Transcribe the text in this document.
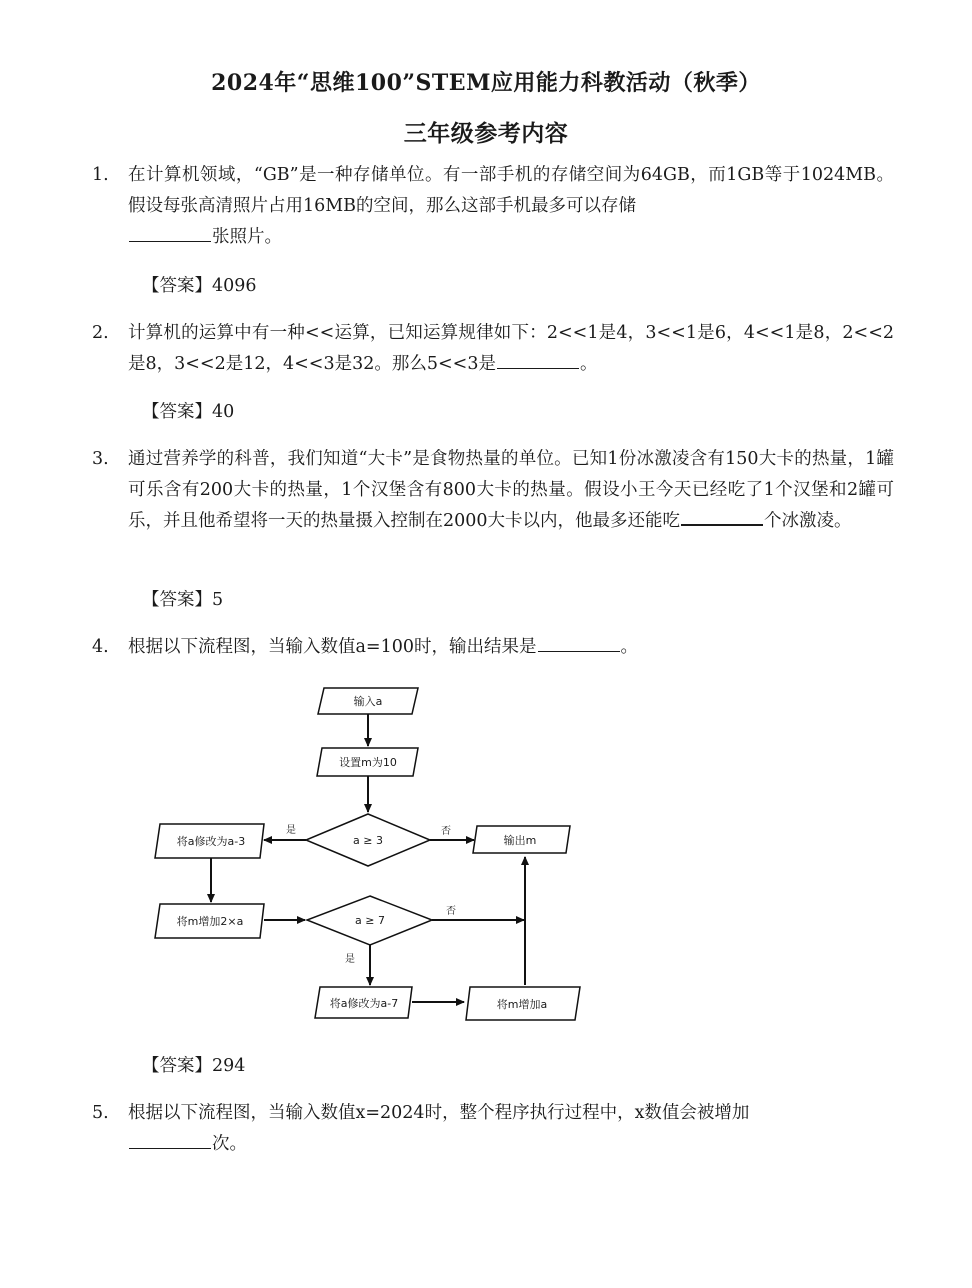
2024年“思维100”STEM应用能力科教活动（秋季）
三年级参考内容
1.	在计算机领域，“GB”是一种存储单位。有一部手机的存储空间为64GB，而1GB等于1024MB。假设每张高清照片占用16MB的空间，那么这部手机最多可以存储
张照片。
【答案】4096
2.	计算机的运算中有一种<<运算，已知运算规律如下：2<<1是4，3<<1是6，4<<1是8，2<<2是8，3<<2是12，4<<3是32。那么5<<3是	。
【答案】40
3.	通过营养学的科普，我们知道“大卡”是食物热量的单位。已知1份冰激凌含有150大卡的热量，1罐可乐含有200大卡的热量，1个汉堡含有800大卡的热量。假设小王今天已经吃了1个汉堡和2罐可乐，并且他希望将一天的热量摄入控制在2000大卡以内，他最多还能吃	个冰激凌。
【答案】5
4.	根据以下流程图，当输入数值a=100时，输出结果是	。
输入a
设置m为10
a ≥ 3
将a修改为a-3	输出m
将m增加2×a	a ≥ 7
将a修改为a-7	将m增加a
是	否
否
是
【答案】294
5.	根据以下流程图，当输入数值x=2024时，整个程序执行过程中，x数值会被增加
次。
